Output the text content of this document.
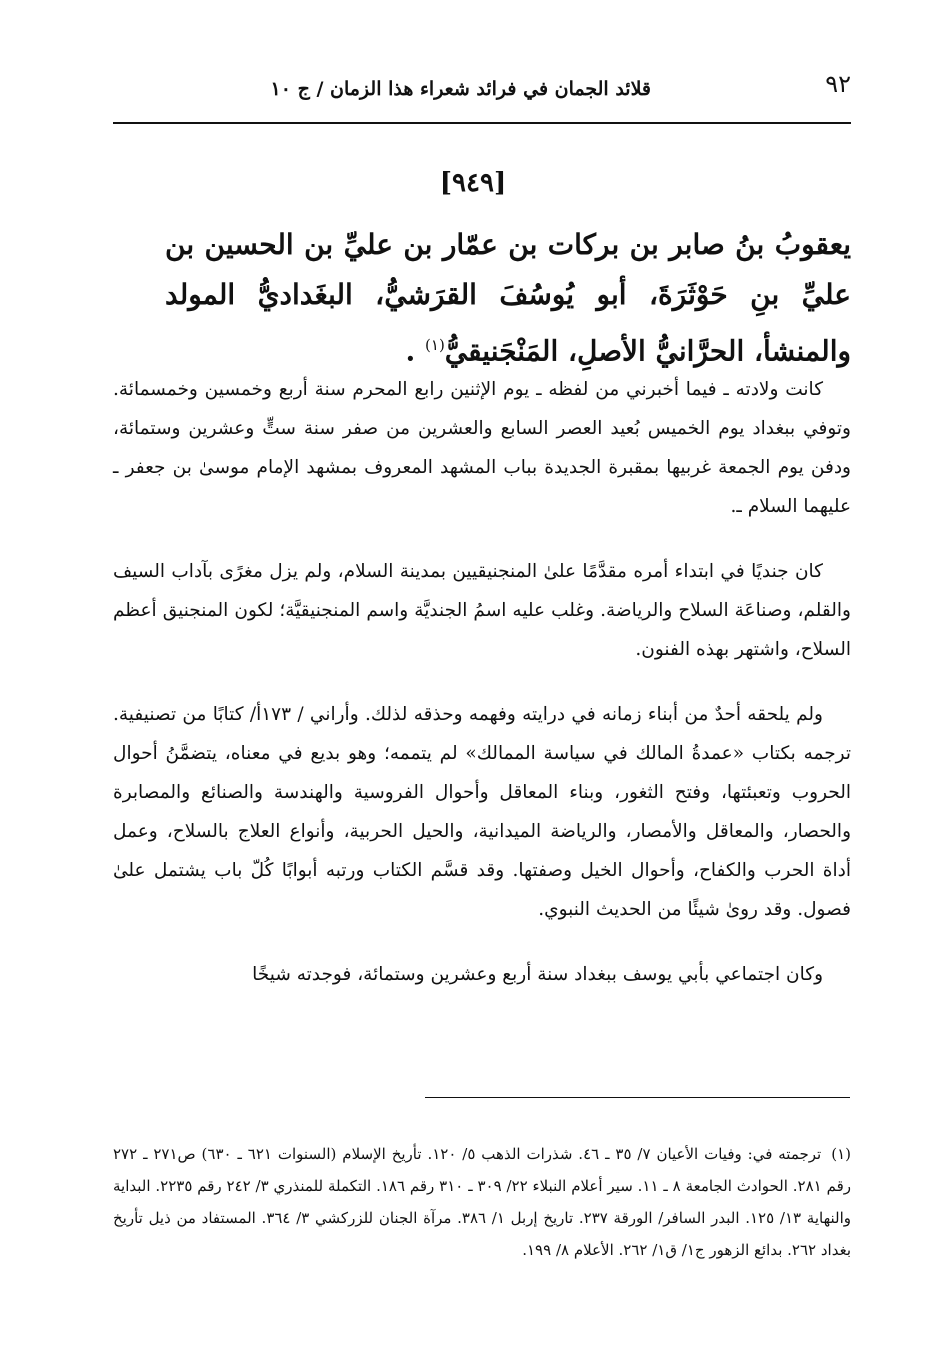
٩٢
قلائد الجمان في فرائد شعراء هذا الزمان / ج ١٠
[٩٤٩]
يعقوبُ بنُ صابر بن بركات بن عمّار بن عليِّ بن الحسين بن عليِّ بنِ حَوْثَرَةَ، أبو يُوسُفَ القرَشيُّ، البغَداديُّ المولد والمنشأ، الحرَّانيُّ الأصلِ، المَنْجَنيقيُّ$^{(١)}$ .

كانت ولادته ـ فيما أخبرني من لفظه ـ يوم الإثنين رابع المحرم سنة أربع وخمسين وخمسمائة. وتوفي ببغداد يوم الخميس بُعيد العصر السابع والعشرين من صفر سنة ستٍّ وعشرين وستمائة، ودفن يوم الجمعة غربيها بمقبرة الجديدة بباب المشهد المعروف بمشهد الإمام موسىٰ بن جعفر ـ عليهما السلام ـ.

كان جنديًا في ابتداء أمره مقدَّمًا علىٰ المنجنيقيين بمدينة السلام، ولم يزل مغرًى بآداب السيف والقلم، وصناعَة السلاح والرياضة. وغلب عليه اسمُ الجنديَّة واسم المنجنيقيَّة؛ لكون المنجنيق أعظم السلاح، واشتهر بهذه الفنون.

ولم يلحقه أحدٌ من أبناء زمانه في درايته وفهمه وحذقه لذلك. وأراني / ١٧٣أ/ كتابًا من تصنيفية. ترجمه بكتاب «عمدةُ المالك في سياسة الممالك» لم يتممه؛ وهو بديع في معناه، يتضمَّنُ أحوال الحروب وتعبئتها، وفتح الثغور، وبناء المعاقل وأحوال الفروسية والهندسة والصنائع والمصابرة والحصار، والمعاقل والأمصار، والرياضة الميدانية، والحيل الحربية، وأنواع العلاج بالسلاح، وعمل أداة الحرب والكفاح، وأحوال الخيل وصفتها. وقد قسَّم الكتاب ورتبه أبوابًا كُلّ باب يشتمل علىٰ فصول. وقد روىٰ شيئًا من الحديث النبوي.

وكان اجتماعي بأبي يوسف ببغداد سنة أربع وعشرين وستمائة، فوجدته شيخًا

(١)
ترجمته في: وفيات الأعيان ٧/ ٣٥ ـ ٤٦. شذرات الذهب ٥/ ١٢٠. تأريخ الإسلام (السنوات ٦٢١ ـ ٦٣٠) ص٢٧١ ـ ٢٧٢ رقم ٢٨١. الحوادث الجامعة ٨ ـ ١١. سير أعلام النبلاء ٢٢/ ٣٠٩ ـ ٣١٠ رقم ١٨٦. التكملة للمنذري ٣/ ٢٤٢ رقم ٢٢٣٥. البداية والنهاية ١٣/ ١٢٥. البدر السافر/ الورقة ٢٣٧. تاريخ إربل ١/ ٣٨٦. مرآة الجنان للزركشي ٣/ ٣٦٤. المستفاد من ذيل تأريخ بغداد ٢٦٢. بدائع الزهور ج١/ ق١/ ٢٦٢. الأعلام ٨/ ١٩٩.
